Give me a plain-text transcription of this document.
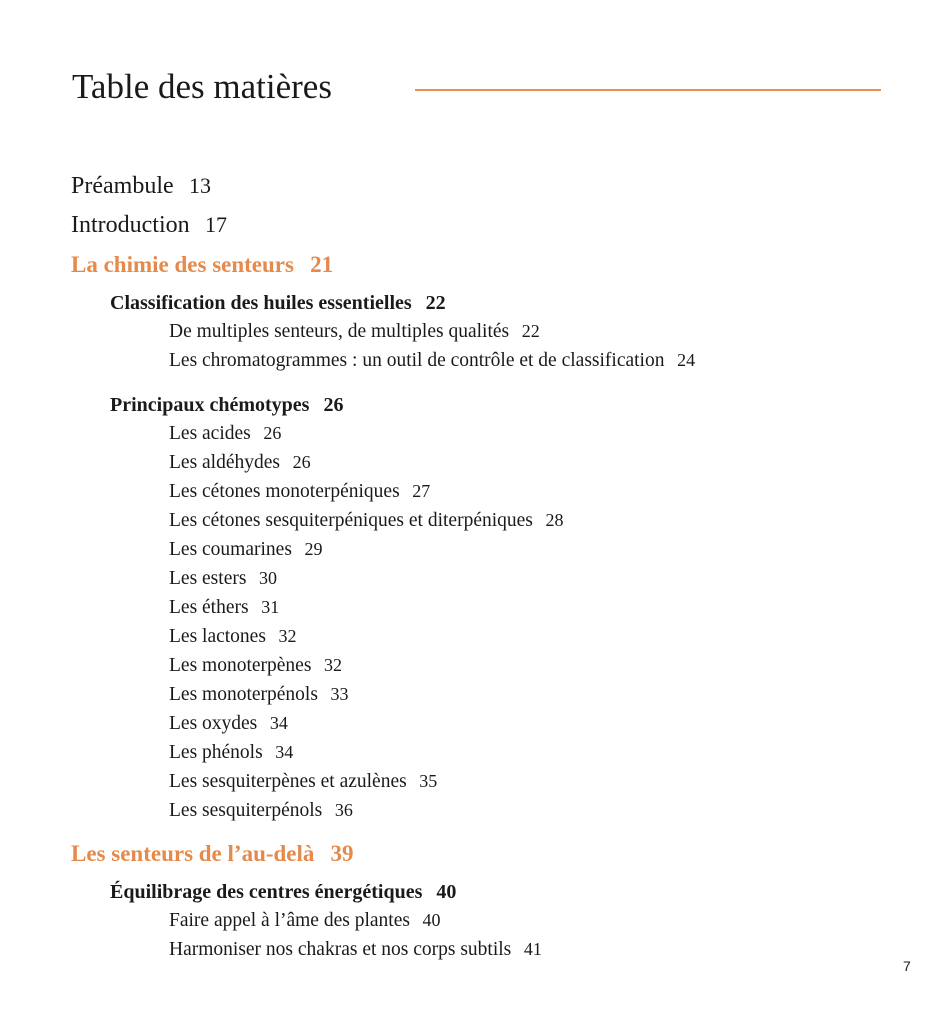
Table des matières
Préambule 13
Introduction 17
La chimie des senteurs 21
Classification des huiles essentielles 22
De multiples senteurs, de multiples qualités 22
Les chromatogrammes : un outil de contrôle et de classification 24
Principaux chémotypes 26
Les acides 26
Les aldéhydes 26
Les cétones monoterpéniques 27
Les cétones sesquiterpéniques et diterpéniques 28
Les coumarines 29
Les esters 30
Les éthers 31
Les lactones 32
Les monoterpènes 32
Les monoterpénols 33
Les oxydes 34
Les phénols 34
Les sesquiterpènes et azulènes 35
Les sesquiterpénols 36
Les senteurs de l’au-delà 39
Équilibrage des centres énergétiques 40
Faire appel à l’âme des plantes 40
Harmoniser nos chakras et nos corps subtils 41
7
